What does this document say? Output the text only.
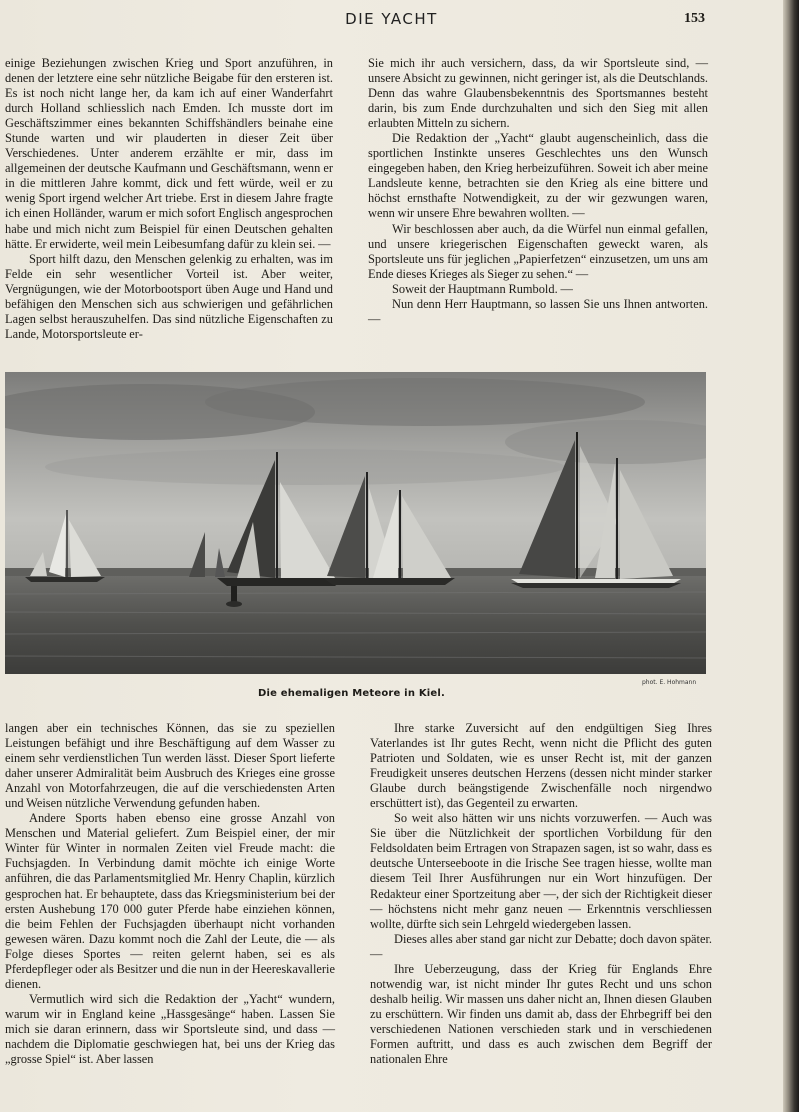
DIE YACHT	153

einige Beziehungen zwischen Krieg und Sport anzuführen, in denen der letztere eine sehr nützliche Beigabe für den ersteren ist. Es ist noch nicht lange her, da kam ich auf einer Wanderfahrt durch Holland schliesslich nach Emden. Ich musste dort im Geschäftszimmer eines bekannten Schiffshändlers beinahe eine Stunde warten und wir plauderten in dieser Zeit über Verschiedenes. Unter anderem erzählte er mir, dass im allgemeinen der deutsche Kaufmann und Geschäftsmann, wenn er in die mittleren Jahre kommt, dick und fett würde, weil er zu wenig Sport irgend welcher Art triebe. Erst in diesem Jahre fragte ich einen Holländer, warum er mich sofort Englisch angesprochen habe und mich nicht zum Beispiel für einen Deutschen gehalten hätte. Er erwiderte, weil mein Leibesumfang dafür zu klein sei. —

Sport hilft dazu, den Menschen gelenkig zu erhalten, was im Felde ein sehr wesentlicher Vorteil ist. Aber weiter, Vergnügungen, wie der Motorbootsport üben Auge und Hand und befähigen den Menschen sich aus schwierigen und gefährlichen Lagen selbst herauszuhelfen. Das sind nützliche Eigenschaften zu Lande, Motorsportsleute er-

Sie mich ihr auch versichern, dass, da wir Sportsleute sind, — unsere Absicht zu gewinnen, nicht geringer ist, als die Deutschlands. Denn das wahre Glaubensbekenntnis des Sportsmannes besteht darin, bis zum Ende durchzuhalten und sich den Sieg mit allen erlaubten Mitteln zu sichern.

Die Redaktion der „Yacht“ glaubt augenscheinlich, dass die sportlichen Instinkte unseres Geschlechtes uns den Wunsch eingegeben haben, den Krieg herbeizuführen. Soweit ich aber meine Landsleute kenne, betrachten sie den Krieg als eine bittere und höchst ernsthafte Notwendigkeit, zu der wir gezwungen waren, wenn wir unsere Ehre bewahren wollten. —

Wir beschlossen aber auch, da die Würfel nun einmal gefallen, und unsere kriegerischen Eigenschaften geweckt waren, als Sportsleute uns für jeglichen „Papierfetzen“ einzusetzen, um uns am Ende dieses Krieges als Sieger zu sehen.“ —

Soweit der Hauptmann Rumbold. —

Nun denn Herr Hauptmann, so lassen Sie uns Ihnen antworten. —

phot. E. Hohmann
Die ehemaligen Meteore in Kiel.

langen aber ein technisches Können, das sie zu speziellen Leistungen befähigt und ihre Beschäftigung auf dem Wasser zu einem sehr verdienstlichen Tun werden lässt. Dieser Sport lieferte daher unserer Admiralität beim Ausbruch des Krieges eine grosse Anzahl von Motorfahrzeugen, die auf die verschiedensten Arten und Weisen nützliche Verwendung gefunden haben.

Andere Sports haben ebenso eine grosse Anzahl von Menschen und Material geliefert. Zum Beispiel einer, der mir Winter für Winter in normalen Zeiten viel Freude macht: die Fuchsjagden. In Verbindung damit möchte ich einige Worte anführen, die das Parlamentsmitglied Mr. Henry Chaplin, kürzlich gesprochen hat. Er behauptete, dass das Kriegsministerium bei der ersten Aushebung 170 000 guter Pferde habe einziehen können, die beim Fehlen der Fuchsjagden überhaupt nicht vorhanden gewesen wären. Dazu kommt noch die Zahl der Leute, die — als Folge dieses Sportes — reiten gelernt haben, sei es als Pferdepfleger oder als Besitzer und die nun in der Heereskavallerie dienen.

Vermutlich wird sich die Redaktion der „Yacht“ wundern, warum wir in England keine „Hassgesänge“ haben. Lassen Sie mich sie daran erinnern, dass wir Sportsleute sind, und dass — nachdem die Diplomatie geschwiegen hat, bei uns der Krieg das „grosse Spiel“ ist. Aber lassen

Ihre starke Zuversicht auf den endgültigen Sieg Ihres Vaterlandes ist Ihr gutes Recht, wenn nicht die Pflicht des guten Patrioten und Soldaten, wie es unser Recht ist, mit der ganzen Freudigkeit unseres deutschen Herzens (dessen nicht minder starker Glaube durch beängstigende Zwischenfälle noch nirgendwo erschüttert ist), das Gegenteil zu erwarten.

So weit also hätten wir uns nichts vorzuwerfen. — Auch was Sie über die Nützlichkeit der sportlichen Vorbildung für den Feldsoldaten beim Ertragen von Strapazen sagen, ist so wahr, dass es deutsche Unterseeboote in die Irische See tragen hiesse, wollte man diesem Teil Ihrer Ausführungen nur ein Wort hinzufügen. Der Redakteur einer Sportzeitung aber —, der sich der Richtigkeit dieser — höchstens nicht mehr ganz neuen — Erkenntnis verschliessen wollte, dürfte sich sein Lehrgeld wiedergeben lassen.

Dieses alles aber stand gar nicht zur Debatte; doch davon später. —

Ihre Ueberzeugung, dass der Krieg für Englands Ehre notwendig war, ist nicht minder Ihr gutes Recht und uns schon deshalb heilig. Wir massen uns daher nicht an, Ihnen diesen Glauben zu erschüttern. Wir finden uns damit ab, dass der Ehrbegriff bei den verschiedenen Nationen verschieden stark und in verschiedenen Formen auftritt, und dass es auch zwischen dem Begriff der nationalen Ehre
